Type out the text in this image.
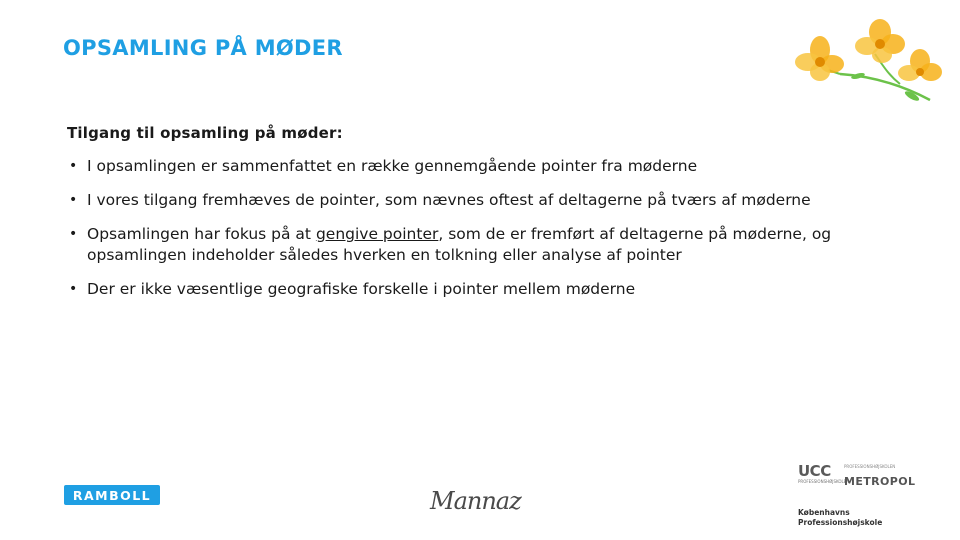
OPSAMLING PÅ MØDER
Tilgang til opsamling på møder:
• I opsamlingen er sammenfattet en række gennemgående pointer fra møderne
• I vores tilgang fremhæves de pointer, som nævnes oftest af deltagerne på tværs af møderne
• Opsamlingen har fokus på at gengive pointer, som de er fremført af deltagerne på møderne, og opsamlingen indeholder således hverken en tolkning eller analyse af pointer
• Der er ikke væsentlige geografiske forskelle i pointer mellem møderne
RAMBOLL	Mannaz
UCC
PROFESSIONSHØJSKOLEN
PROFESSIONSHØJSKOLEN
METROPOL
Københavns
Professionshøjskole
